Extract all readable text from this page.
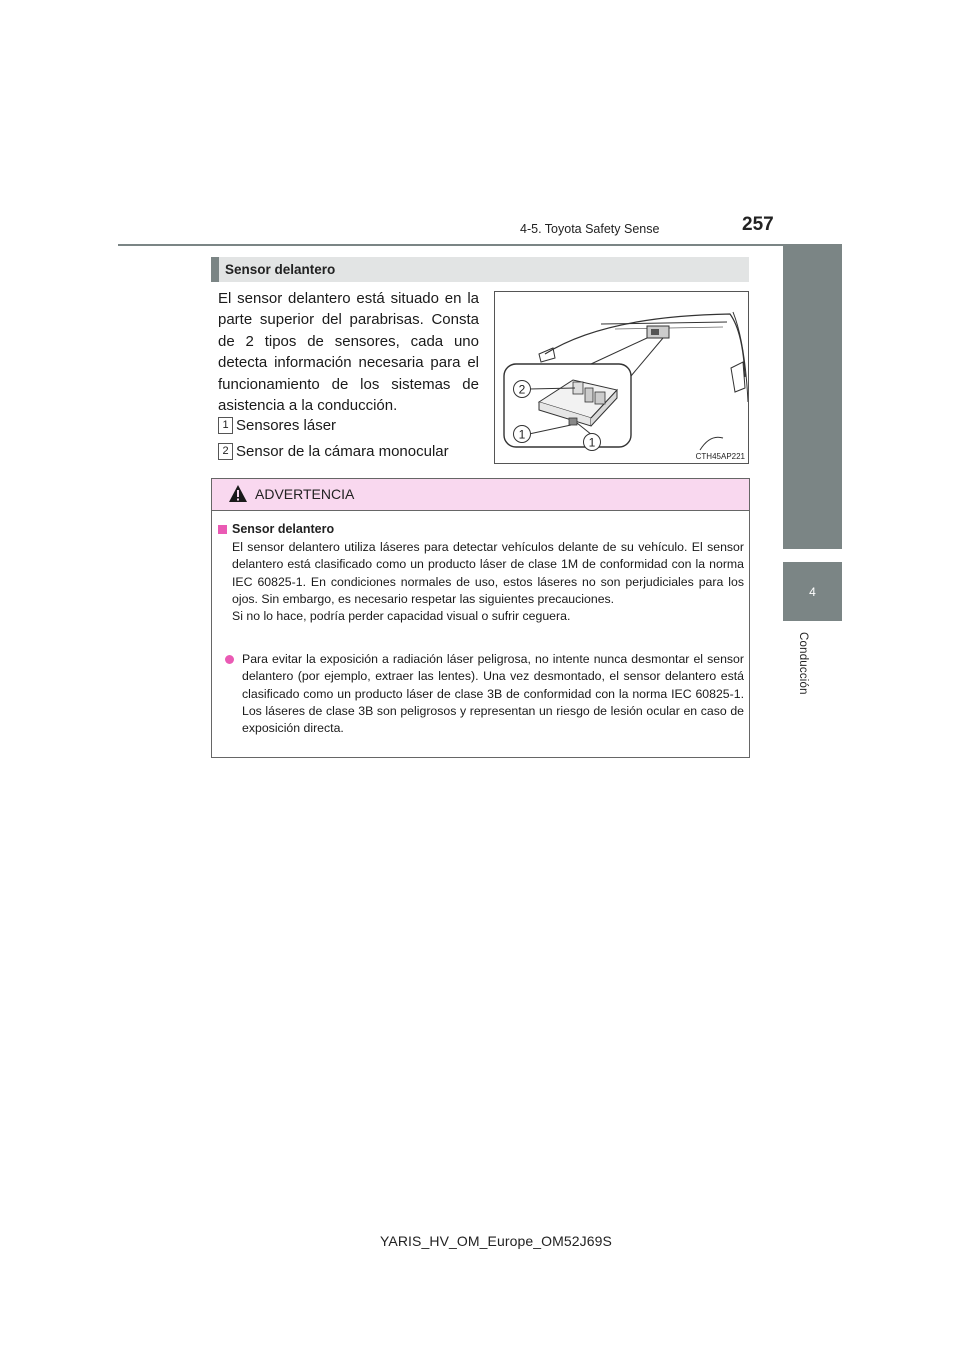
4-5. Toyota Safety Sense	257
4
Conducción
Sensor delantero

El sensor delantero está situado en la parte superior del parabrisas. Consta de 2 tipos de sensores, cada uno detecta información necesaria para el funcionamiento de los sistemas de asistencia a la conducción.

1 Sensores láser
2 Sensor de la cámara monocular
2
1
1
CTH45AP221
ADVERTENCIA
Sensor delantero

El sensor delantero utiliza láseres para detectar vehículos delante de su vehículo. El sensor delantero está clasificado como un producto láser de clase 1M de conformidad con la norma IEC 60825-1. En condiciones normales de uso, estos láseres no son perjudiciales para los ojos. Sin embargo, es necesario respetar las siguientes precauciones.
Si no lo hace, podría perder capacidad visual o sufrir ceguera.

Para evitar la exposición a radiación láser peligrosa, no intente nunca desmontar el sensor delantero (por ejemplo, extraer las lentes). Una vez desmontado, el sensor delantero está clasificado como un producto láser de clase 3B de conformidad con la norma IEC 60825-1. Los láseres de clase 3B son peligrosos y representan un riesgo de lesión ocular en caso de exposición directa.

YARIS_HV_OM_Europe_OM52J69S
